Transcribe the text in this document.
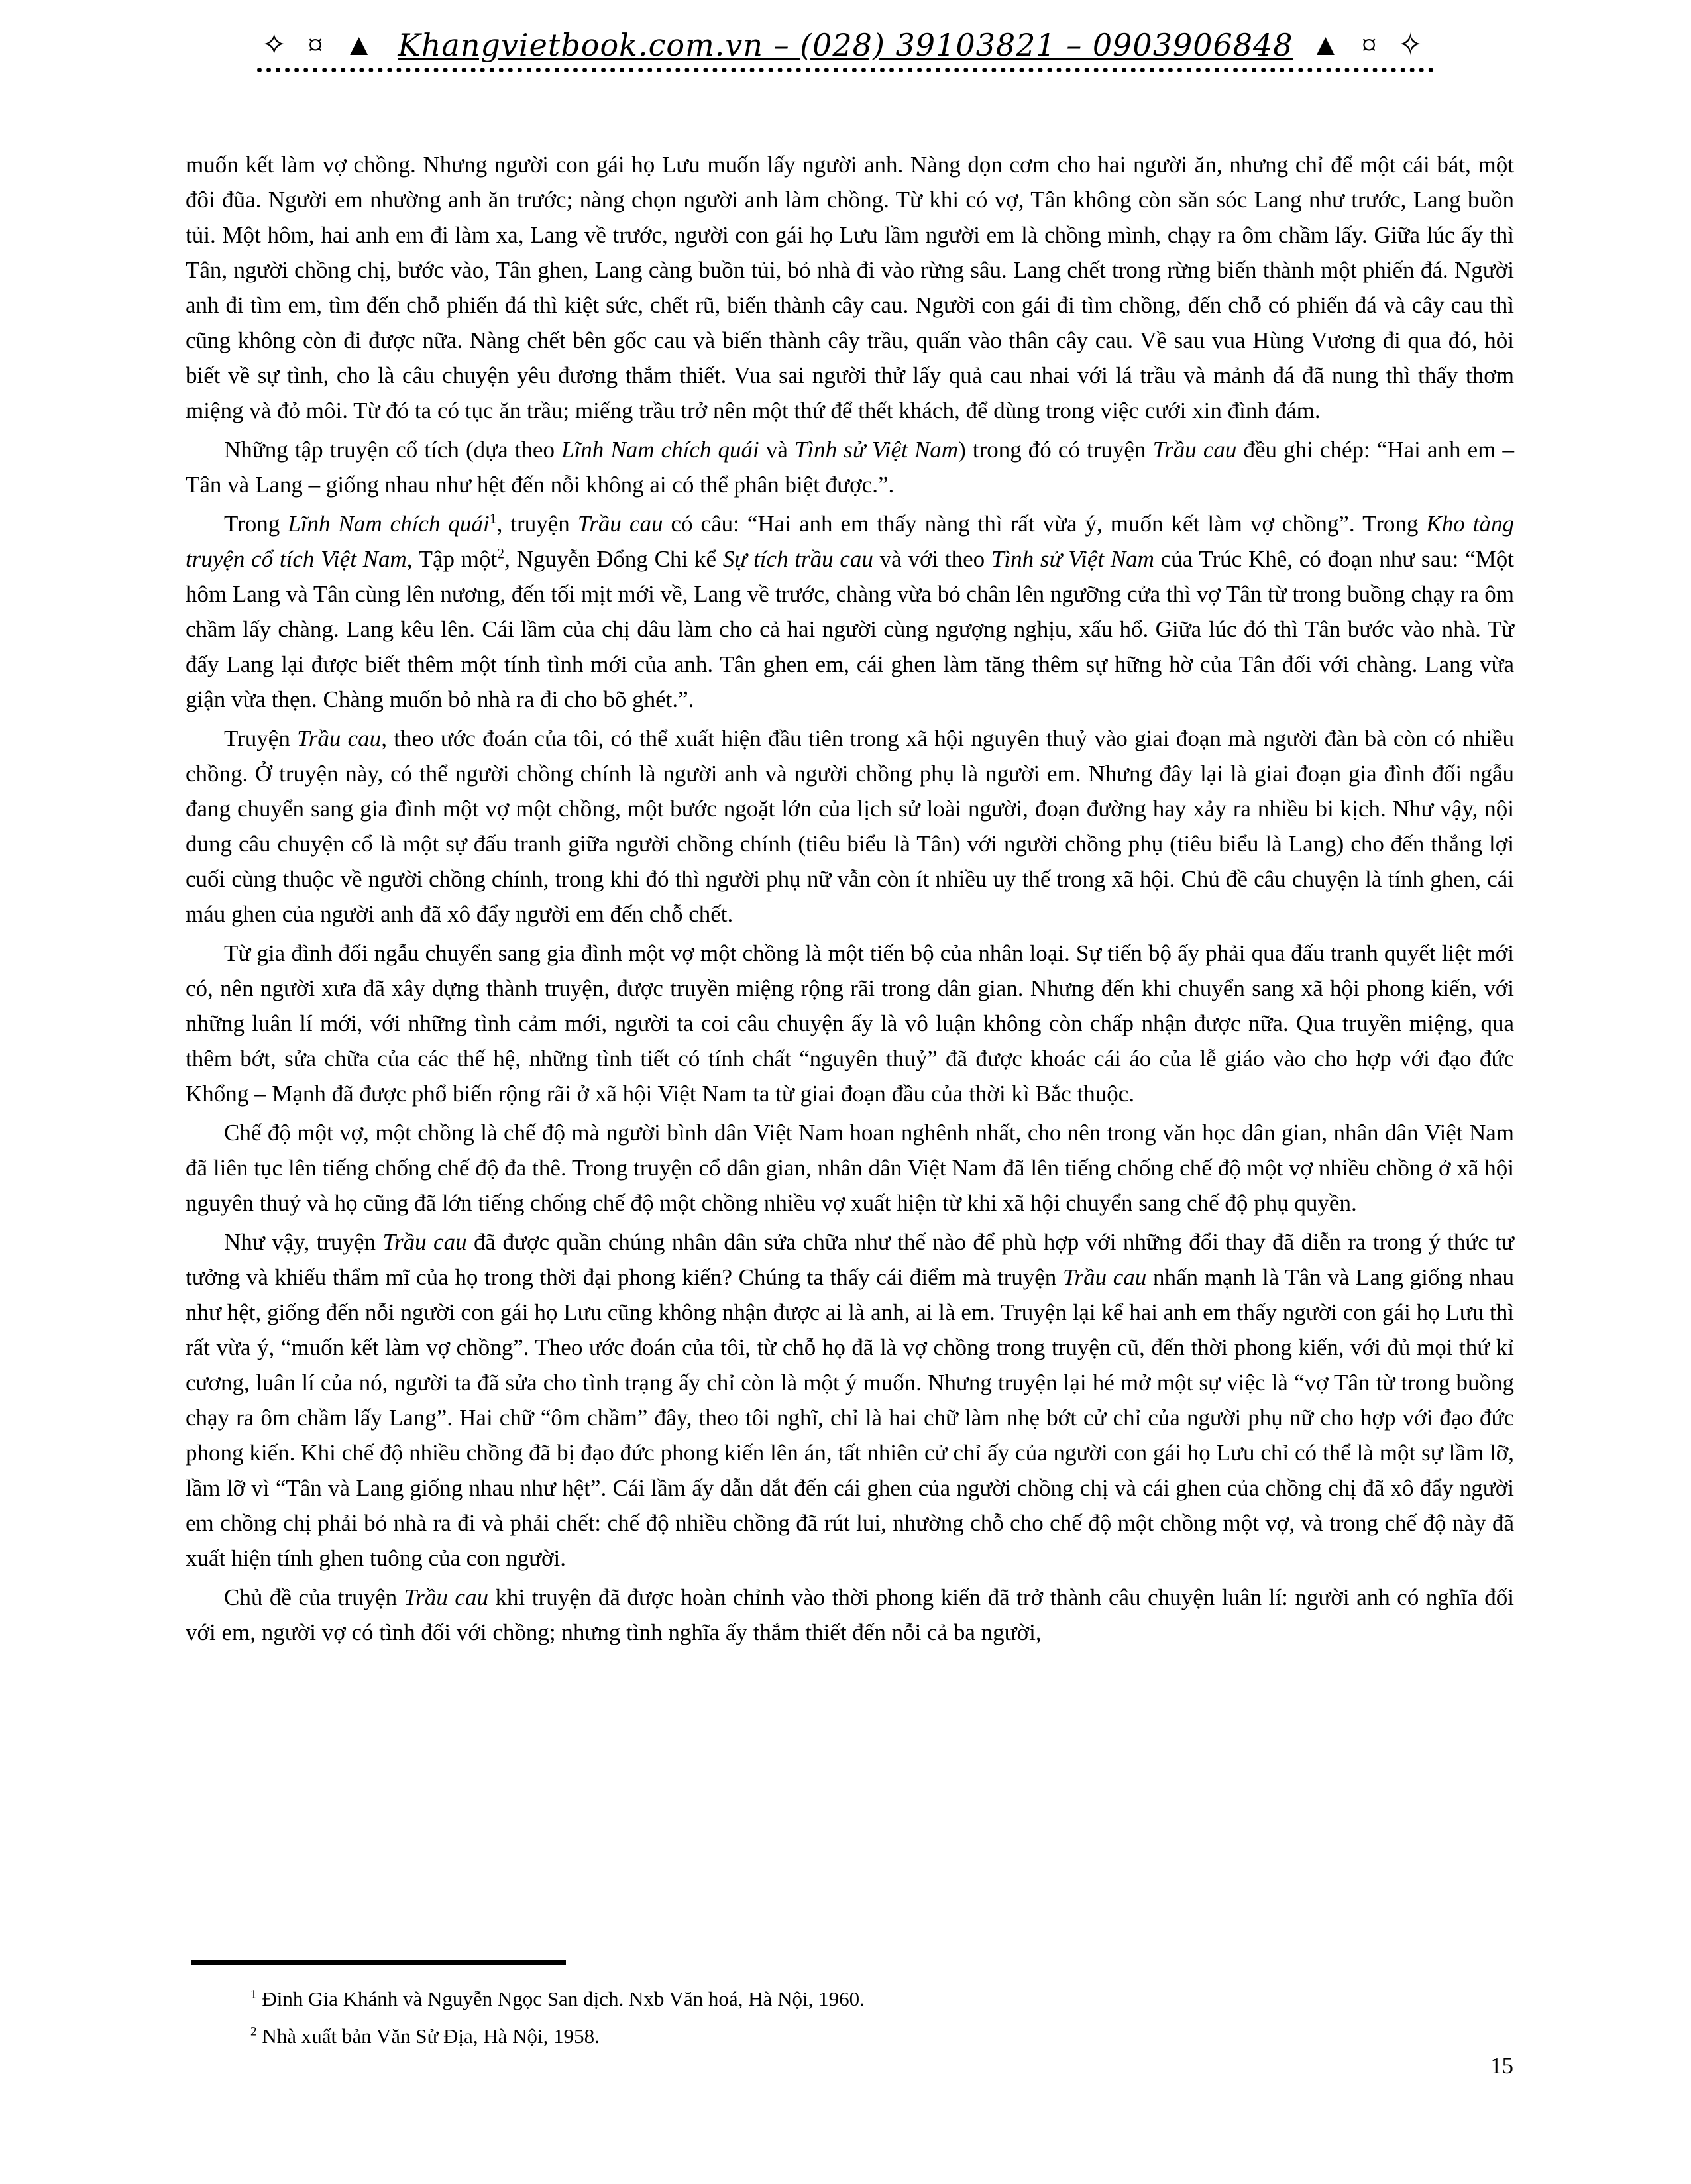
✧ ¤ ▲ Khangvietbook.com.vn – (028) 39103821 – 0903906848 ▲ ¤ ✧

muốn kết làm vợ chồng. Nhưng người con gái họ Lưu muốn lấy người anh. Nàng dọn cơm cho hai người ăn, nhưng chỉ để một cái bát, một đôi đũa. Người em nhường anh ăn trước; nàng chọn người anh làm chồng. Từ khi có vợ, Tân không còn săn sóc Lang như trước, Lang buồn tủi. Một hôm, hai anh em đi làm xa, Lang về trước, người con gái họ Lưu lầm người em là chồng mình, chạy ra ôm chầm lấy. Giữa lúc ấy thì Tân, người chồng chị, bước vào, Tân ghen, Lang càng buồn tủi, bỏ nhà đi vào rừng sâu. Lang chết trong rừng biến thành một phiến đá. Người anh đi tìm em, tìm đến chỗ phiến đá thì kiệt sức, chết rũ, biến thành cây cau. Người con gái đi tìm chồng, đến chỗ có phiến đá và cây cau thì cũng không còn đi được nữa. Nàng chết bên gốc cau và biến thành cây trầu, quấn vào thân cây cau. Về sau vua Hùng Vương đi qua đó, hỏi biết về sự tình, cho là câu chuyện yêu đương thắm thiết. Vua sai người thử lấy quả cau nhai với lá trầu và mảnh đá đã nung thì thấy thơm miệng và đỏ môi. Từ đó ta có tục ăn trầu; miếng trầu trở nên một thứ để thết khách, để dùng trong việc cưới xin đình đám.

Những tập truyện cổ tích (dựa theo Lĩnh Nam chích quái và Tình sử Việt Nam) trong đó có truyện Trầu cau đều ghi chép: “Hai anh em – Tân và Lang – giống nhau như hệt đến nỗi không ai có thể phân biệt được.”.

Trong Lĩnh Nam chích quái$^1$, truyện Trầu cau có câu: “Hai anh em thấy nàng thì rất vừa ý, muốn kết làm vợ chồng”. Trong Kho tàng truyện cổ tích Việt Nam, Tập một$^2$, Nguyễn Đổng Chi kể Sự tích trầu cau và với theo Tình sử Việt Nam của Trúc Khê, có đoạn như sau: “Một hôm Lang và Tân cùng lên nương, đến tối mịt mới về, Lang về trước, chàng vừa bỏ chân lên ngưỡng cửa thì vợ Tân từ trong buồng chạy ra ôm chầm lấy chàng. Lang kêu lên. Cái lầm của chị dâu làm cho cả hai người cùng ngượng nghịu, xấu hổ. Giữa lúc đó thì Tân bước vào nhà. Từ đấy Lang lại được biết thêm một tính tình mới của anh. Tân ghen em, cái ghen làm tăng thêm sự hững hờ của Tân đối với chàng. Lang vừa giận vừa thẹn. Chàng muốn bỏ nhà ra đi cho bõ ghét.”.

Truyện Trầu cau, theo ước đoán của tôi, có thể xuất hiện đầu tiên trong xã hội nguyên thuỷ vào giai đoạn mà người đàn bà còn có nhiều chồng. Ở truyện này, có thể người chồng chính là người anh và người chồng phụ là người em. Nhưng đây lại là giai đoạn gia đình đối ngẫu đang chuyển sang gia đình một vợ một chồng, một bước ngoặt lớn của lịch sử loài người, đoạn đường hay xảy ra nhiều bi kịch. Như vậy, nội dung câu chuyện cổ là một sự đấu tranh giữa người chồng chính (tiêu biểu là Tân) với người chồng phụ (tiêu biểu là Lang) cho đến thắng lợi cuối cùng thuộc về người chồng chính, trong khi đó thì người phụ nữ vẫn còn ít nhiều uy thế trong xã hội. Chủ đề câu chuyện là tính ghen, cái máu ghen của người anh đã xô đẩy người em đến chỗ chết.

Từ gia đình đối ngẫu chuyển sang gia đình một vợ một chồng là một tiến bộ của nhân loại. Sự tiến bộ ấy phải qua đấu tranh quyết liệt mới có, nên người xưa đã xây dựng thành truyện, được truyền miệng rộng rãi trong dân gian. Nhưng đến khi chuyển sang xã hội phong kiến, với những luân lí mới, với những tình cảm mới, người ta coi câu chuyện ấy là vô luận không còn chấp nhận được nữa. Qua truyền miệng, qua thêm bớt, sửa chữa của các thế hệ, những tình tiết có tính chất “nguyên thuỷ” đã được khoác cái áo của lễ giáo vào cho hợp với đạo đức Khổng – Mạnh đã được phổ biến rộng rãi ở xã hội Việt Nam ta từ giai đoạn đầu của thời kì Bắc thuộc.

Chế độ một vợ, một chồng là chế độ mà người bình dân Việt Nam hoan nghênh nhất, cho nên trong văn học dân gian, nhân dân Việt Nam đã liên tục lên tiếng chống chế độ đa thê. Trong truyện cổ dân gian, nhân dân Việt Nam đã lên tiếng chống chế độ một vợ nhiều chồng ở xã hội nguyên thuỷ và họ cũng đã lớn tiếng chống chế độ một chồng nhiều vợ xuất hiện từ khi xã hội chuyển sang chế độ phụ quyền.

Như vậy, truyện Trầu cau đã được quần chúng nhân dân sửa chữa như thế nào để phù hợp với những đổi thay đã diễn ra trong ý thức tư tưởng và khiếu thẩm mĩ của họ trong thời đại phong kiến? Chúng ta thấy cái điểm mà truyện Trầu cau nhấn mạnh là Tân và Lang giống nhau như hệt, giống đến nỗi người con gái họ Lưu cũng không nhận được ai là anh, ai là em. Truyện lại kể hai anh em thấy người con gái họ Lưu thì rất vừa ý, “muốn kết làm vợ chồng”. Theo ước đoán của tôi, từ chỗ họ đã là vợ chồng trong truyện cũ, đến thời phong kiến, với đủ mọi thứ kỉ cương, luân lí của nó, người ta đã sửa cho tình trạng ấy chỉ còn là một ý muốn. Nhưng truyện lại hé mở một sự việc là “vợ Tân từ trong buồng chạy ra ôm chầm lấy Lang”. Hai chữ “ôm chầm” đây, theo tôi nghĩ, chỉ là hai chữ làm nhẹ bớt cử chỉ của người phụ nữ cho hợp với đạo đức phong kiến. Khi chế độ nhiều chồng đã bị đạo đức phong kiến lên án, tất nhiên cử chỉ ấy của người con gái họ Lưu chỉ có thể là một sự lầm lỡ, lầm lỡ vì “Tân và Lang giống nhau như hệt”. Cái lầm ấy dẫn dắt đến cái ghen của người chồng chị và cái ghen của chồng chị đã xô đẩy người em chồng chị phải bỏ nhà ra đi và phải chết: chế độ nhiều chồng đã rút lui, nhường chỗ cho chế độ một chồng một vợ, và trong chế độ này đã xuất hiện tính ghen tuông của con người.

Chủ đề của truyện Trầu cau khi truyện đã được hoàn chỉnh vào thời phong kiến đã trở thành câu chuyện luân lí: người anh có nghĩa đối với em, người vợ có tình đối với chồng; nhưng tình nghĩa ấy thắm thiết đến nỗi cả ba người,

$^1$ Đinh Gia Khánh và Nguyễn Ngọc San dịch. Nxb Văn hoá, Hà Nội, 1960.

$^2$ Nhà xuất bản Văn Sử Địa, Hà Nội, 1958.

15
